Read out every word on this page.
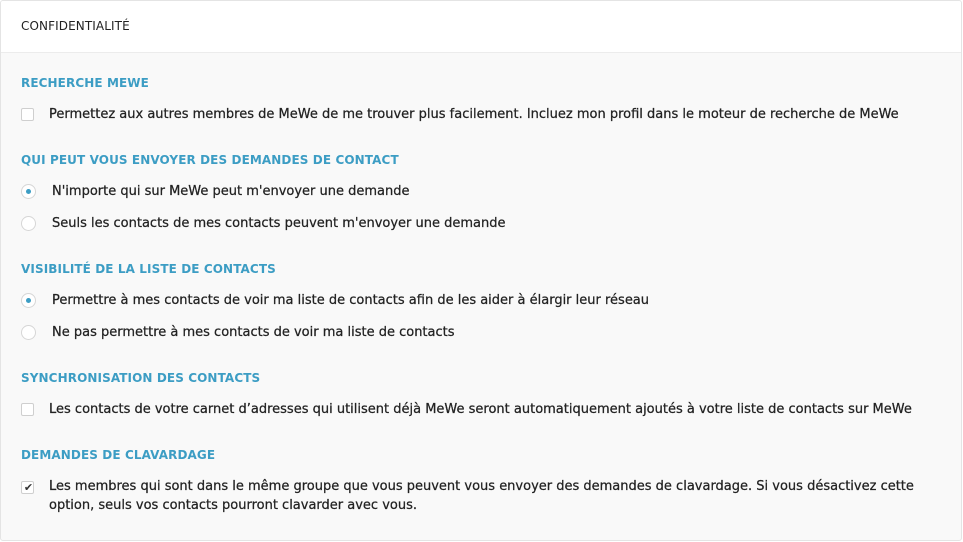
CONFIDENTIALITÉ
RECHERCHE MEWE
Permettez aux autres membres de MeWe de me trouver plus facilement. Incluez mon profil dans le moteur de recherche de MeWe
QUI PEUT VOUS ENVOYER DES DEMANDES DE CONTACT
N'importe qui sur MeWe peut m'envoyer une demande
Seuls les contacts de mes contacts peuvent m'envoyer une demande
VISIBILITÉ DE LA LISTE DE CONTACTS
Permettre à mes contacts de voir ma liste de contacts afin de les aider à élargir leur réseau
Ne pas permettre à mes contacts de voir ma liste de contacts
SYNCHRONISATION DES CONTACTS
Les contacts de votre carnet d’adresses qui utilisent déjà MeWe seront automatiquement ajoutés à votre liste de contacts sur MeWe
DEMANDES DE CLAVARDAGE
✔ Les membres qui sont dans le même groupe que vous peuvent vous envoyer des demandes de clavardage. Si vous désactivez cette option, seuls vos contacts pourront clavarder avec vous.
